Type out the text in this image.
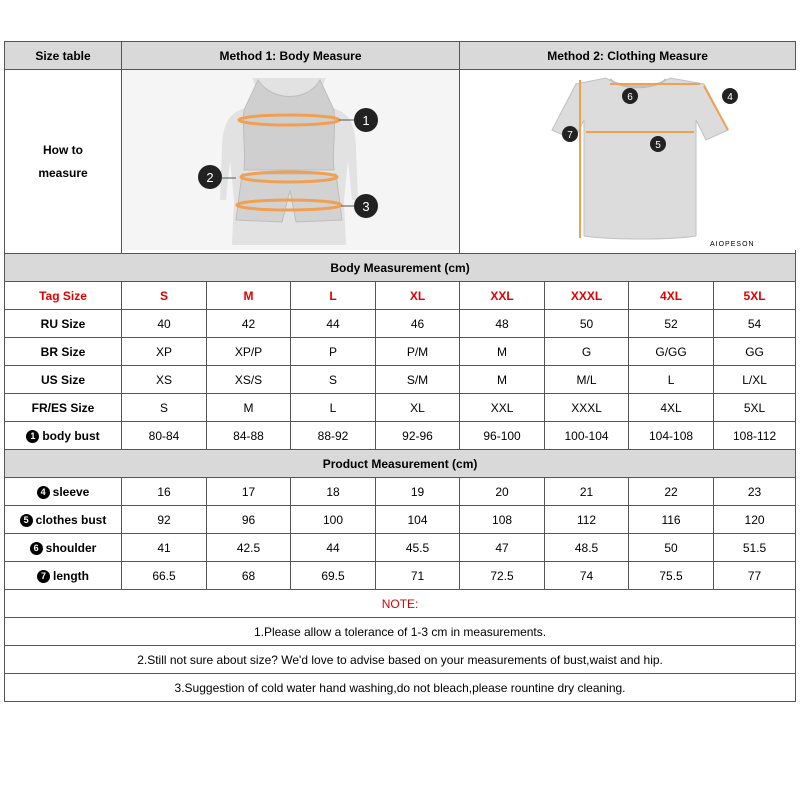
Size table	Method 1: Body Measure				Method 2: Clothing Measure			
How to
measure	1
2
3				4
5
6
7
AIOPESON			

Body Measurement (cm)								
Tag Size	S	M	L	XL	XXL	XXXL	4XL	5XL
RU Size	40	42	44	46	48	50	52	54
BR Size	XP	XP/P	P	P/M	M	G	G/GG	GG
US Size	XS	XS/S	S	S/M	M	M/L	L	L/XL
FR/ES Size	S	M	L	XL	XXL	XXXL	4XL	5XL
1 body bust	80-84	84-88	88-92	92-96	96-100	100-104	104-108	108-112
Product Measurement (cm)								
4 sleeve	16	17	18	19	20	21	22	23
5 clothes bust	92	96	100	104	108	112	116	120
6 shoulder	41	42.5	44	45.5	47	48.5	50	51.5
7 length	66.5	68	69.5	71	72.5	74	75.5	77
NOTE:								
1.Please allow a tolerance of 1-3 cm in measurements.								
2.Still not sure about size? We'd love to advise based on your measurements of bust,waist and hip.								
3.Suggestion of cold water hand washing,do not bleach,please rountine dry cleaning.								
